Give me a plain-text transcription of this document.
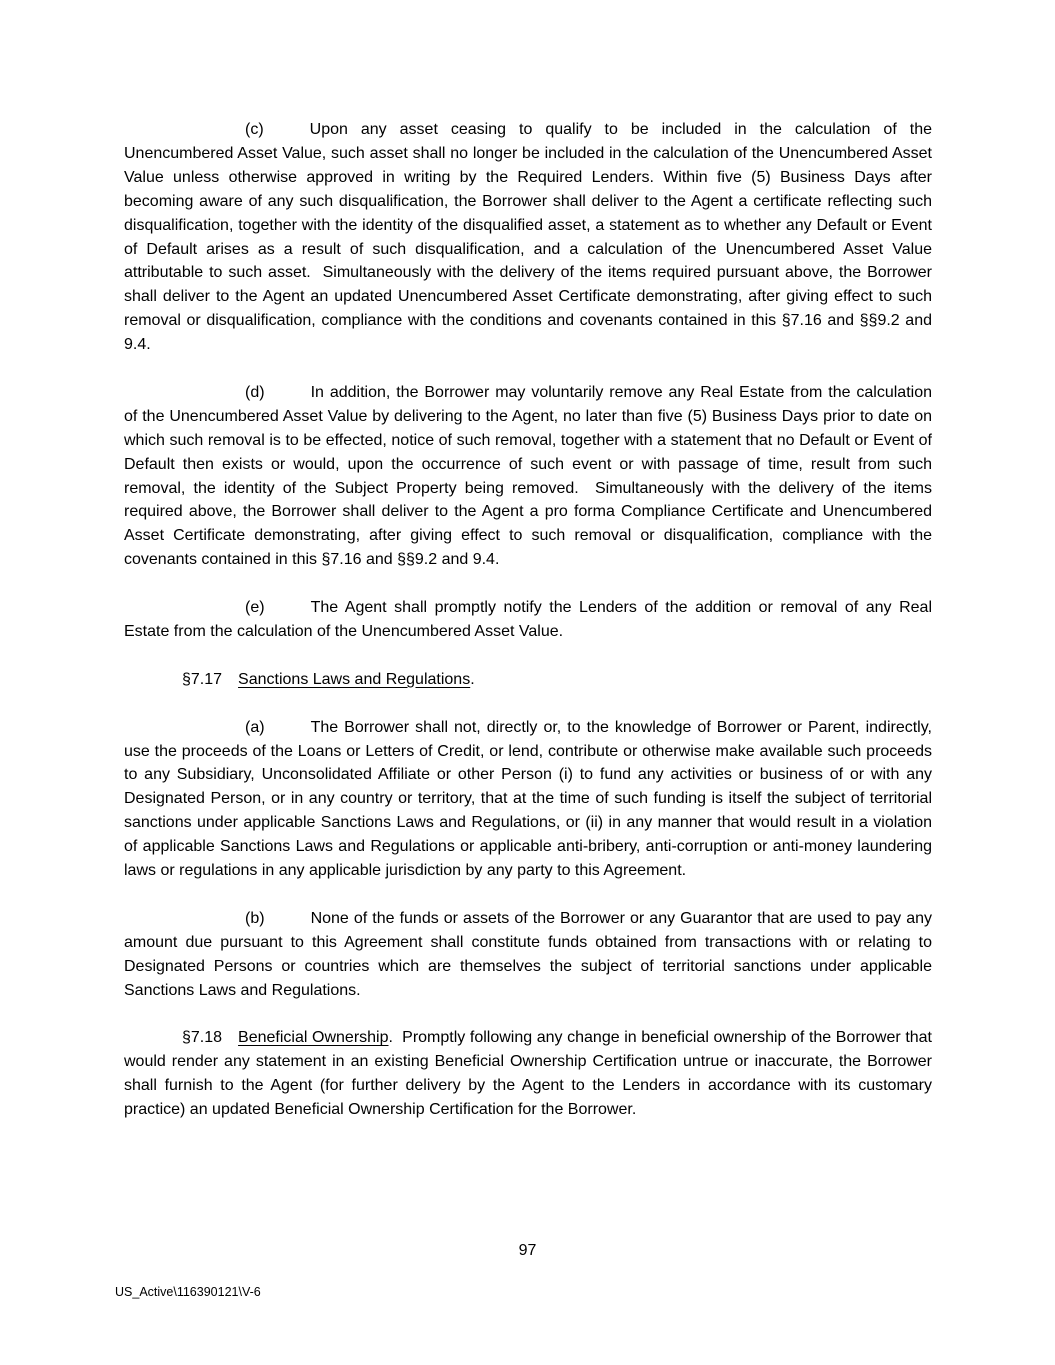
(c)	Upon any asset ceasing to qualify to be included in the calculation of the Unencumbered Asset Value, such asset shall no longer be included in the calculation of the Unencumbered Asset Value unless otherwise approved in writing by the Required Lenders. Within five (5) Business Days after becoming aware of any such disqualification, the Borrower shall deliver to the Agent a certificate reflecting such disqualification, together with the identity of the disqualified asset, a statement as to whether any Default or Event of Default arises as a result of such disqualification, and a calculation of the Unencumbered Asset Value attributable to such asset.  Simultaneously with the delivery of the items required pursuant above, the Borrower shall deliver to the Agent an updated Unencumbered Asset Certificate demonstrating, after giving effect to such removal or disqualification, compliance with the conditions and covenants contained in this §7.16 and §§9.2 and 9.4.

(d)	In addition, the Borrower may voluntarily remove any Real Estate from the calculation of the Unencumbered Asset Value by delivering to the Agent, no later than five (5) Business Days prior to date on which such removal is to be effected, notice of such removal, together with a statement that no Default or Event of Default then exists or would, upon the occurrence of such event or with passage of time, result from such removal, the identity of the Subject Property being removed.  Simultaneously with the delivery of the items required above, the Borrower shall deliver to the Agent a pro forma Compliance Certificate and Unencumbered Asset Certificate demonstrating, after giving effect to such removal or disqualification, compliance with the covenants contained in this §7.16 and §§9.2 and 9.4.

(e)	The Agent shall promptly notify the Lenders of the addition or removal of any Real Estate from the calculation of the Unencumbered Asset Value.

§7.17 Sanctions Laws and Regulations.

(a)	The Borrower shall not, directly or, to the knowledge of Borrower or Parent, indirectly, use the proceeds of the Loans or Letters of Credit, or lend, contribute or otherwise make available such proceeds to any Subsidiary, Unconsolidated Affiliate or other Person (i) to fund any activities or business of or with any Designated Person, or in any country or territory, that at the time of such funding is itself the subject of territorial sanctions under applicable Sanctions Laws and Regulations, or (ii) in any manner that would result in a violation of applicable Sanctions Laws and Regulations or applicable anti-bribery, anti-corruption or anti-money laundering laws or regulations in any applicable jurisdiction by any party to this Agreement.

(b)	None of the funds or assets of the Borrower or any Guarantor that are used to pay any amount due pursuant to this Agreement shall constitute funds obtained from transactions with or relating to Designated Persons or countries which are themselves the subject of territorial sanctions under applicable Sanctions Laws and Regulations.

§7.18 Beneficial Ownership.  Promptly following any change in beneficial ownership of the Borrower that would render any statement in an existing Beneficial Ownership Certification untrue or inaccurate, the Borrower shall furnish to the Agent (for further delivery by the Agent to the Lenders in accordance with its customary practice) an updated Beneficial Ownership Certification for the Borrower.

97
US_Active\116390121\V-6
